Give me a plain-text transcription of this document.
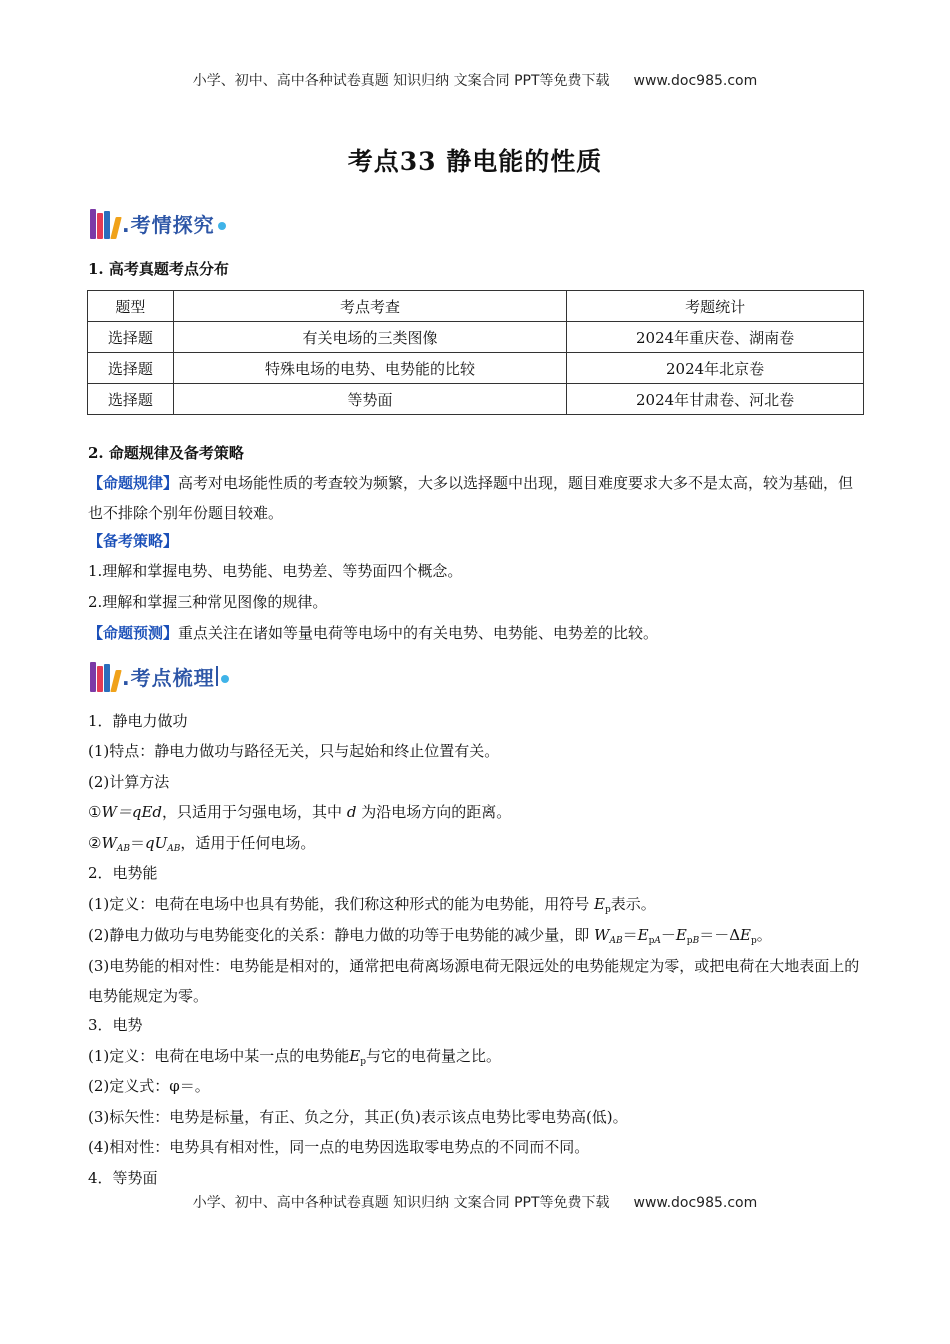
小学、初中、高中各种试卷真题 知识归纳 文案合同 PPT等免费下载 www.doc985.com
考点33 静电能的性质
.考情探究
1. 高考真题考点分布
题型	考点考查	考题统计
选择题	有关电场的三类图像	2024年重庆卷、湖南卷
选择题	特殊电场的电势、电势能的比较	2024年北京卷
选择题	等势面	2024年甘肃卷、河北卷
2. 命题规律及备考策略
【命题规律】高考对电场能性质的考查较为频繁，大多以选择题中出现，题目难度要求大多不是太高，较为基础，但也不排除个别年份题目较难。
【备考策略】
1.理解和掌握电势、电势能、电势差、等势面四个概念。
2.理解和掌握三种常见图像的规律。
【命题预测】重点关注在诸如等量电荷等电场中的有关电势、电势能、电势差的比较。
.考点梳理
1．静电力做功
(1)特点：静电力做功与路径无关，只与起始和终止位置有关。
(2)计算方法
①W＝qEd，只适用于匀强电场，其中 d 为沿电场方向的距离。
$②W_{AB}=qU_{AB}$，适用于任何电场。
2．电势能
(1)定义：电荷在电场中也具有势能，我们称这种形式的能为电势能，用符号 $E_p$表示。
(2)静电力做功与电势能变化的关系：静电力做的功等于电势能的减少量，即 $W_{AB}=E_{pA}-E_{pB}=-\Delta E_p$。
(3)电势能的相对性：电势能是相对的，通常把电荷离场源电荷无限远处的电势能规定为零，或把电荷在大地表面上的电势能规定为零。
3．电势
(1)定义：电荷在电场中某一点的电势能$E_p$与它的电荷量之比。
(2)定义式：φ＝。
(3)标矢性：电势是标量，有正、负之分，其正(负)表示该点电势比零电势高(低)。
(4)相对性：电势具有相对性，同一点的电势因选取零电势点的不同而不同。
4．等势面
小学、初中、高中各种试卷真题 知识归纳 文案合同 PPT等免费下载 www.doc985.com
